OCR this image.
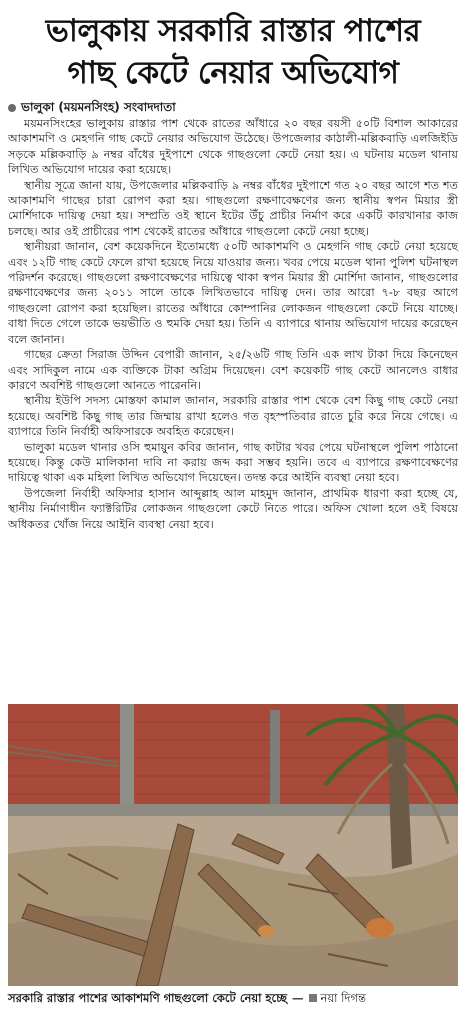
ভালুকায় সরকারি রাস্তার পাশের
গাছ কেটে নেয়ার অভিযোগ
ভালুকা (ময়মনসিংহ) সংবাদদাতা

ময়মনসিংহের ভালুকায় রাস্তার পাশ থেকে রাতের আঁধারে ২০ বছর বয়সী ৫০টি বিশাল আকারের আকাশমণি ও মেহগনি গাছ কেটে নেয়ার অভিযোগ উঠেছে। উপজেলার কাঠালী-মল্লিকবাড়ি এলজিইডি সড়কে মল্লিকবাড়ি ৯ নম্বর বাঁধের দুইপাশে থেকে গাছগুলো কেটে নেয়া হয়। এ ঘটনায় মডেল থানায় লিখিত অভিযোগ দায়ের করা হয়েছে।

স্থানীয় সূত্রে জানা যায়, উপজেলার মল্লিকবাড়ি ৯ নম্বর বাঁধের দুইপাশে গত ২০ বছর আগে শত শত আকাশমণি গাছের চারা রোপণ করা হয়। গাছগুলো রক্ষণাবেক্ষণের জন্য স্থানীয় স্বপন মিয়ার স্ত্রী মোর্শিদাকে দায়িত্ব দেয়া হয়। সম্প্রতি ওই স্থানে ইটের উঁচু প্রাচীর নির্মাণ করে একটি কারখানার কাজ চলছে। আর ওই প্রাচীরের পাশ থেকেই রাতের আঁধারে গাছগুলো কেটে নেয়া হচ্ছে।

স্থানীয়রা জানান, বেশ কয়েকদিনে ইতোমধ্যে ৫০টি আকাশমণি ও মেহগনি গাছ কেটে নেয়া হয়েছে এবং ১২টি গাছ কেটে ফেলে রাখা হয়েছে নিয়ে যাওয়ার জন্য। খবর পেয়ে মডেল থানা পুলিশ ঘটনাস্থল পরিদর্শন করেছে। গাছগুলো রক্ষণাবেক্ষণের দায়িত্বে থাকা স্বপন মিয়ার স্ত্রী মোর্শিদা জানান, গাছগুলোর রক্ষণাবেক্ষণের জন্য ২০১১ সালে তাকে লিখিতভাবে দায়িত্ব দেন। তার আরো ৭-৮ বছর আগে গাছগুলো রোপণ করা হয়েছিল। রাতের আঁধারে কোম্পানির লোকজন গাছগুলো কেটে নিয়ে যাচ্ছে। বাধা দিতে গেলে তাকে ভয়ভীতি ও হুমকি দেয়া হয়। তিনি এ ব্যাপারে থানায় অভিযোগ দায়ের করেছেন বলে জানান।

গাছের ক্রেতা সিরাজ উদ্দিন বেপারী জানান, ২৫/২৬টি গাছ তিনি এক লাখ টাকা দিয়ে কিনেছেন এবং সাদিকুল নামে এক ব্যক্তিকে টাকা অগ্রিম দিয়েছেন। বেশ কয়েকটি গাছ কেটে আনলেও বাধার কারণে অবশিষ্ট গাছগুলো আনতে পারেননি।

স্থানীয় ইউপি সদস্য মোস্তফা কামাল জানান, সরকারি রাস্তার পাশ থেকে বেশ কিছু গাছ কেটে নেয়া হয়েছে। অবশিষ্ট কিছু গাছ তার জিম্মায় রাখা হলেও গত বৃহস্পতিবার রাতে চুরি করে নিয়ে গেছে। এ ব্যাপারে তিনি নির্বাহী অফিসারকে অবহিত করেছেন।

ভালুকা মডেল থানার ওসি হুমায়ুন কবির জানান, গাছ কাটার খবর পেয়ে ঘটনাস্থলে পুলিশ পাঠানো হয়েছে। কিন্তু কেউ মালিকানা দাবি না করায় জব্দ করা সম্ভব হয়নি। তবে এ ব্যাপারে রক্ষণাবেক্ষণের দায়িত্বে থাকা এক মহিলা লিখিত অভিযোগ দিয়েছেন। তদন্ত করে আইনি ব্যবস্থা নেয়া হবে।

উপজেলা নির্বাহী অফিসার হাসান আব্দুল্লাহ আল মাহমুদ জানান, প্রাথমিক ধারণা করা হচ্ছে যে, স্থানীয় নির্মাণাধীন ফ্যাক্টরিটির লোকজন গাছগুলো কেটে নিতে পারে। অফিস খোলা হলে ওই বিষয়ে অধিকতর খোঁজ নিয়ে আইনি ব্যবস্থা নেয়া হবে।

সরকারি রাস্তার পাশের আকাশমণি গাছগুলো কেটে নেয়া হচ্ছে — নয়া দিগন্ত
